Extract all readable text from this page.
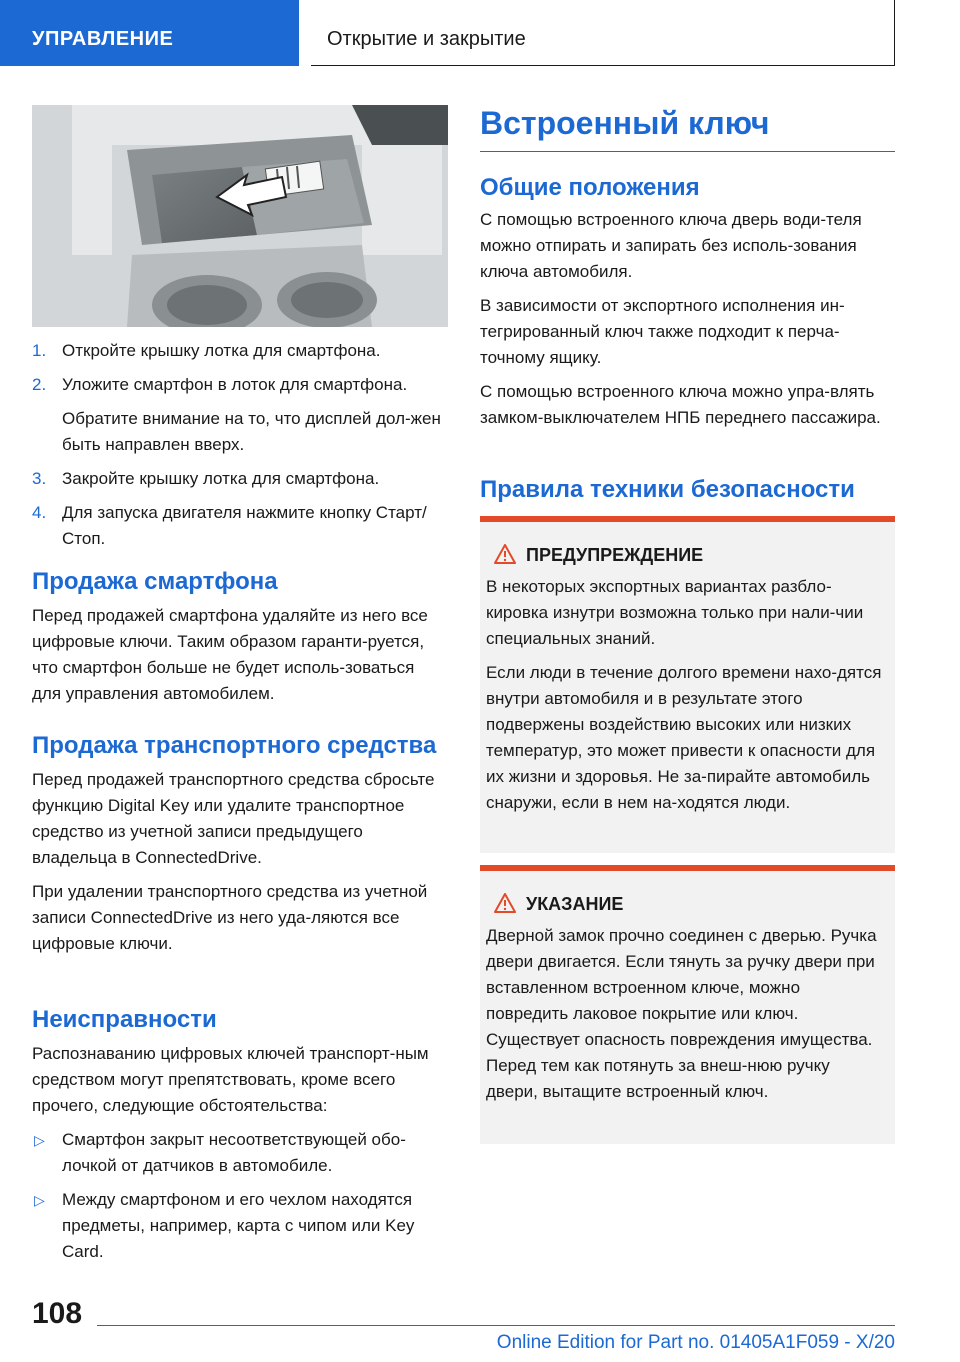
УПРАВЛЕНИЕ	Открытие и закрытие
1. Откройте крышку лотка для смартфона.
2. Уложите смартфон в лоток для смартфона.
Обратите внимание на то, что дисплей дол-жен быть направлен вверх.
3. Закройте крышку лотка для смартфона.
4. Для запуска двигателя нажмите кнопку Старт/Стоп.
Продажа смартфона

Перед продажей смартфона удаляйте из него все цифровые ключи. Таким образом гаранти-руется, что смартфон больше не будет исполь-зоваться для управления автомобилем.

Продажа транспортного средства

Перед продажей транспортного средства сбросьте функцию Digital Key или удалите транспортное средство из учетной записи предыдущего владельца в ConnectedDrive.

При удалении транспортного средства из учетной записи ConnectedDrive из него уда-ляются все цифровые ключи.

Неисправности

Распознаванию цифровых ключей транспорт-ным средством могут препятствовать, кроме всего прочего, следующие обстоятельства:

▷ Смартфон закрыт несоответствующей обо-лочкой от датчиков в автомобиле.
▷ Между смартфоном и его чехлом находятся предметы, например, карта с чипом или Key Card.
Встроенный ключ
Общие положения

С помощью встроенного ключа дверь води-теля можно отпирать и запирать без исполь-зования ключа автомобиля.

В зависимости от экспортного исполнения ин-тегрированный ключ также подходит к перча-точному ящику.

С помощью встроенного ключа можно упра-влять замком-выключателем НПБ переднего пассажира.

Правила техники безопасности
ПРЕДУПРЕЖДЕНИЕ

В некоторых экспортных вариантах разбло-кировка изнутри возможна только при нали-чии специальных знаний.

Если люди в течение долгого времени нахо-дятся внутри автомобиля и в результате этого подвержены воздействию высоких или низких температур, это может привести к опасности для их жизни и здоровья. Не за-пирайте автомобиль снаружи, если в нем на-ходятся люди.

УКАЗАНИЕ

Дверной замок прочно соединен с дверью. Ручка двери двигается. Если тянуть за ручку двери при вставленном встроенном ключе, можно повредить лаковое покрытие или ключ. Существует опасность повреждения имущества. Перед тем как потянуть за внеш-нюю ручку двери, вытащите встроенный ключ.

108
Online Edition for Part no. 01405A1F059 - X/20
